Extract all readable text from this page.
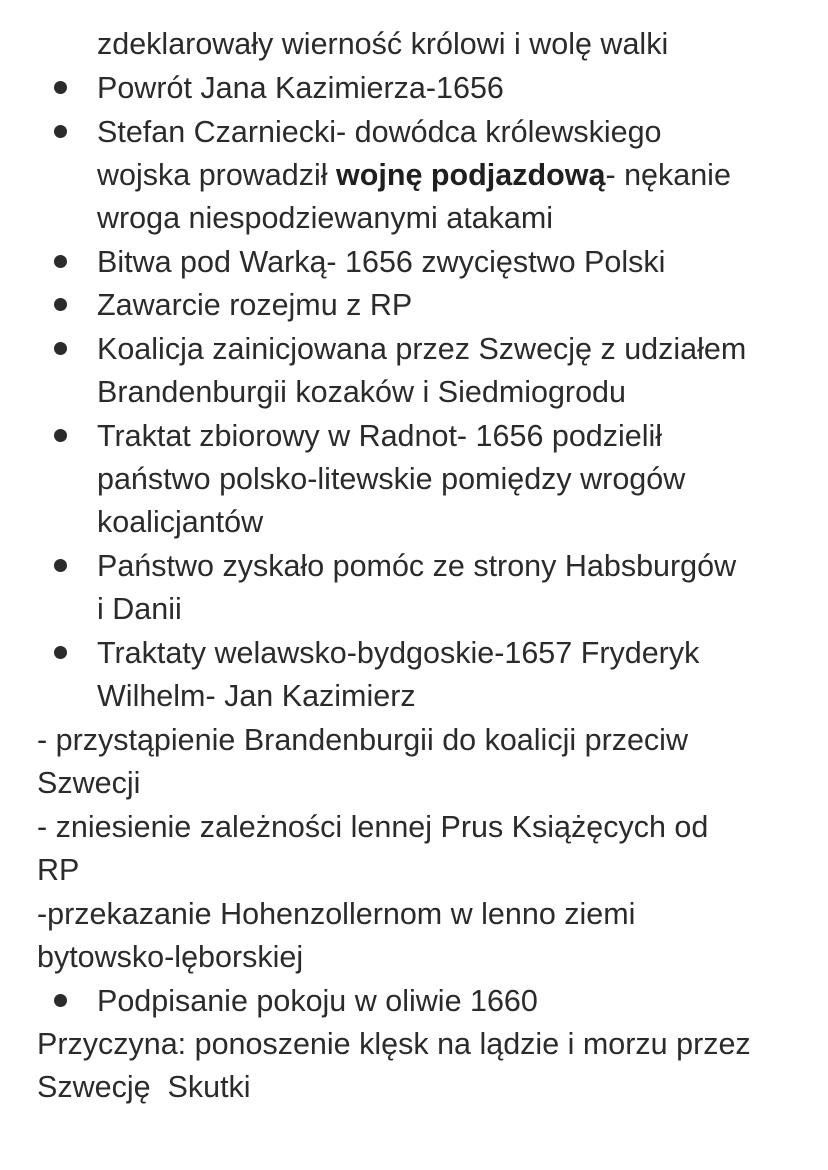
zdeklarowały wierność królowi i wolę walki
Powrót Jana Kazimierza-1656
Stefan Czarniecki- dowódca królewskiego
wojska prowadził wojnę podjazdową- nękanie
wroga niespodziewanymi atakami
Bitwa pod Warką- 1656 zwycięstwo Polski
Zawarcie rozejmu z RP
Koalicja zainicjowana przez Szwecję z udziałem
Brandenburgii kozaków i Siedmiogrodu
Traktat zbiorowy w Radnot- 1656 podzielił
państwo polsko-litewskie pomiędzy wrogów
koalicjantów
Państwo zyskało pomóc ze strony Habsburgów
i Danii
Traktaty welawsko-bydgoskie-1657 Fryderyk
Wilhelm- Jan Kazimierz
- przystąpienie Brandenburgii do koalicji przeciw
Szwecji
- zniesienie zależności lennej Prus Książęcych od
RP
-przekazanie Hohenzollernom w lenno ziemi
bytowsko-lęborskiej
Podpisanie pokoju w oliwie 1660
Przyczyna: ponoszenie klęsk na lądzie i morzu przez
Szwecję  Skutki
